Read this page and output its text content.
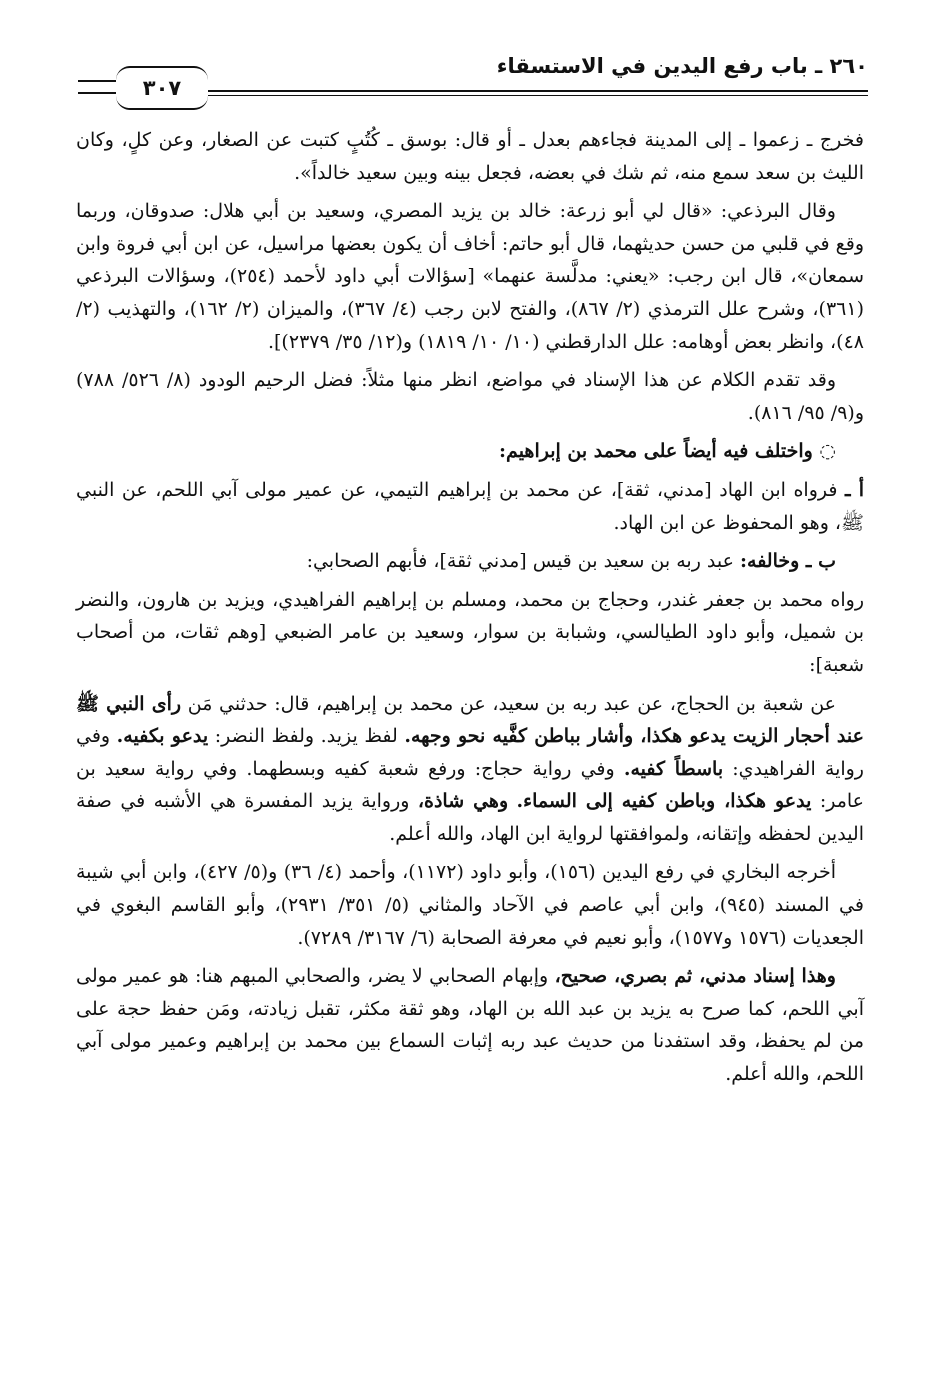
٢٦٠ ـ باب رفع اليدين في الاستسقاء
٣٠٧

فخرج ـ زعموا ـ إلى المدينة فجاءهم بعدل ـ أو قال: بوسق ـ كُتُبٍ كتبت عن الصغار، وعن كلٍ، وكان الليث بن سعد سمع منه، ثم شك في بعضه، فجعل بينه وبين سعيد خالداً».

وقال البرذعي: «قال لي أبو زرعة: خالد بن يزيد المصري، وسعيد بن أبي هلال: صدوقان، وربما وقع في قلبي من حسن حديثهما، قال أبو حاتم: أخاف أن يكون بعضها مراسيل، عن ابن أبي فروة وابن سمعان»، قال ابن رجب: «يعني: مدلَّسة عنهما» [سؤالات أبي داود لأحمد (٢٥٤)، وسؤالات البرذعي (٣٦١)، وشرح علل الترمذي (٢/ ٨٦٧)، والفتح لابن رجب (٤/ ٣٦٧)، والميزان (٢/ ١٦٢)، والتهذيب (٢/ ٤٨)، وانظر بعض أوهامه: علل الدارقطني (١٠/ ١٠/ ١٨١٩) و(١٢/ ٣٥/ ٢٣٧٩)].

وقد تقدم الكلام عن هذا الإسناد في مواضع، انظر منها مثلاً: فضل الرحيم الودود (٨/ ٥٢٦/ ٧٨٨) و(٩/ ٩٥/ ٨١٦).

◌ واختلف فيه أيضاً على محمد بن إبراهيم:

أ ـ فرواه ابن الهاد [مدني، ثقة]، عن محمد بن إبراهيم التيمي، عن عمير مولى آبي اللحم، عن النبي ﷺ، وهو المحفوظ عن ابن الهاد.

ب ـ وخالفه: عبد ربه بن سعيد بن قيس [مدني ثقة]، فأبهم الصحابي:

رواه محمد بن جعفر غندر، وحجاج بن محمد، ومسلم بن إبراهيم الفراهيدي، ويزيد بن هارون، والنضر بن شميل، وأبو داود الطيالسي، وشبابة بن سوار، وسعيد بن عامر الضبعي [وهم ثقات، من أصحاب شعبة]:

عن شعبة بن الحجاج، عن عبد ربه بن سعيد، عن محمد بن إبراهيم، قال: حدثني مَن رأى النبي ﷺ عند أحجار الزيت يدعو هكذا، وأشار بباطن كفَّيه نحو وجهه. لفظ يزيد. ولفظ النضر: يدعو بكفيه. وفي رواية الفراهيدي: باسطاً كفيه. وفي رواية حجاج: ورفع شعبة كفيه وبسطهما. وفي رواية سعيد بن عامر: يدعو هكذا، وباطن كفيه إلى السماء. وهي شاذة، ورواية يزيد المفسرة هي الأشبه في صفة اليدين لحفظه وإتقانه، ولموافقتها لرواية ابن الهاد، والله أعلم.

أخرجه البخاري في رفع اليدين (١٥٦)، وأبو داود (١١٧٢)، وأحمد (٤/ ٣٦) و(٥/ ٤٢٧)، وابن أبي شيبة في المسند (٩٤٥)، وابن أبي عاصم في الآحاد والمثاني (٥/ ٣٥١/ ٢٩٣١)، وأبو القاسم البغوي في الجعديات (١٥٧٦ و١٥٧٧)، وأبو نعيم في معرفة الصحابة (٦/ ٣١٦٧/ ٧٢٨٩).

وهذا إسناد مدني، ثم بصري، صحيح، وإبهام الصحابي لا يضر، والصحابي المبهم هنا: هو عمير مولى آبي اللحم، كما صرح به يزيد بن عبد الله بن الهاد، وهو ثقة مكثر، تقبل زيادته، ومَن حفظ حجة على من لم يحفظ، وقد استفدنا من حديث عبد ربه إثبات السماع بين محمد بن إبراهيم وعمير مولى آبي اللحم، والله أعلم.
